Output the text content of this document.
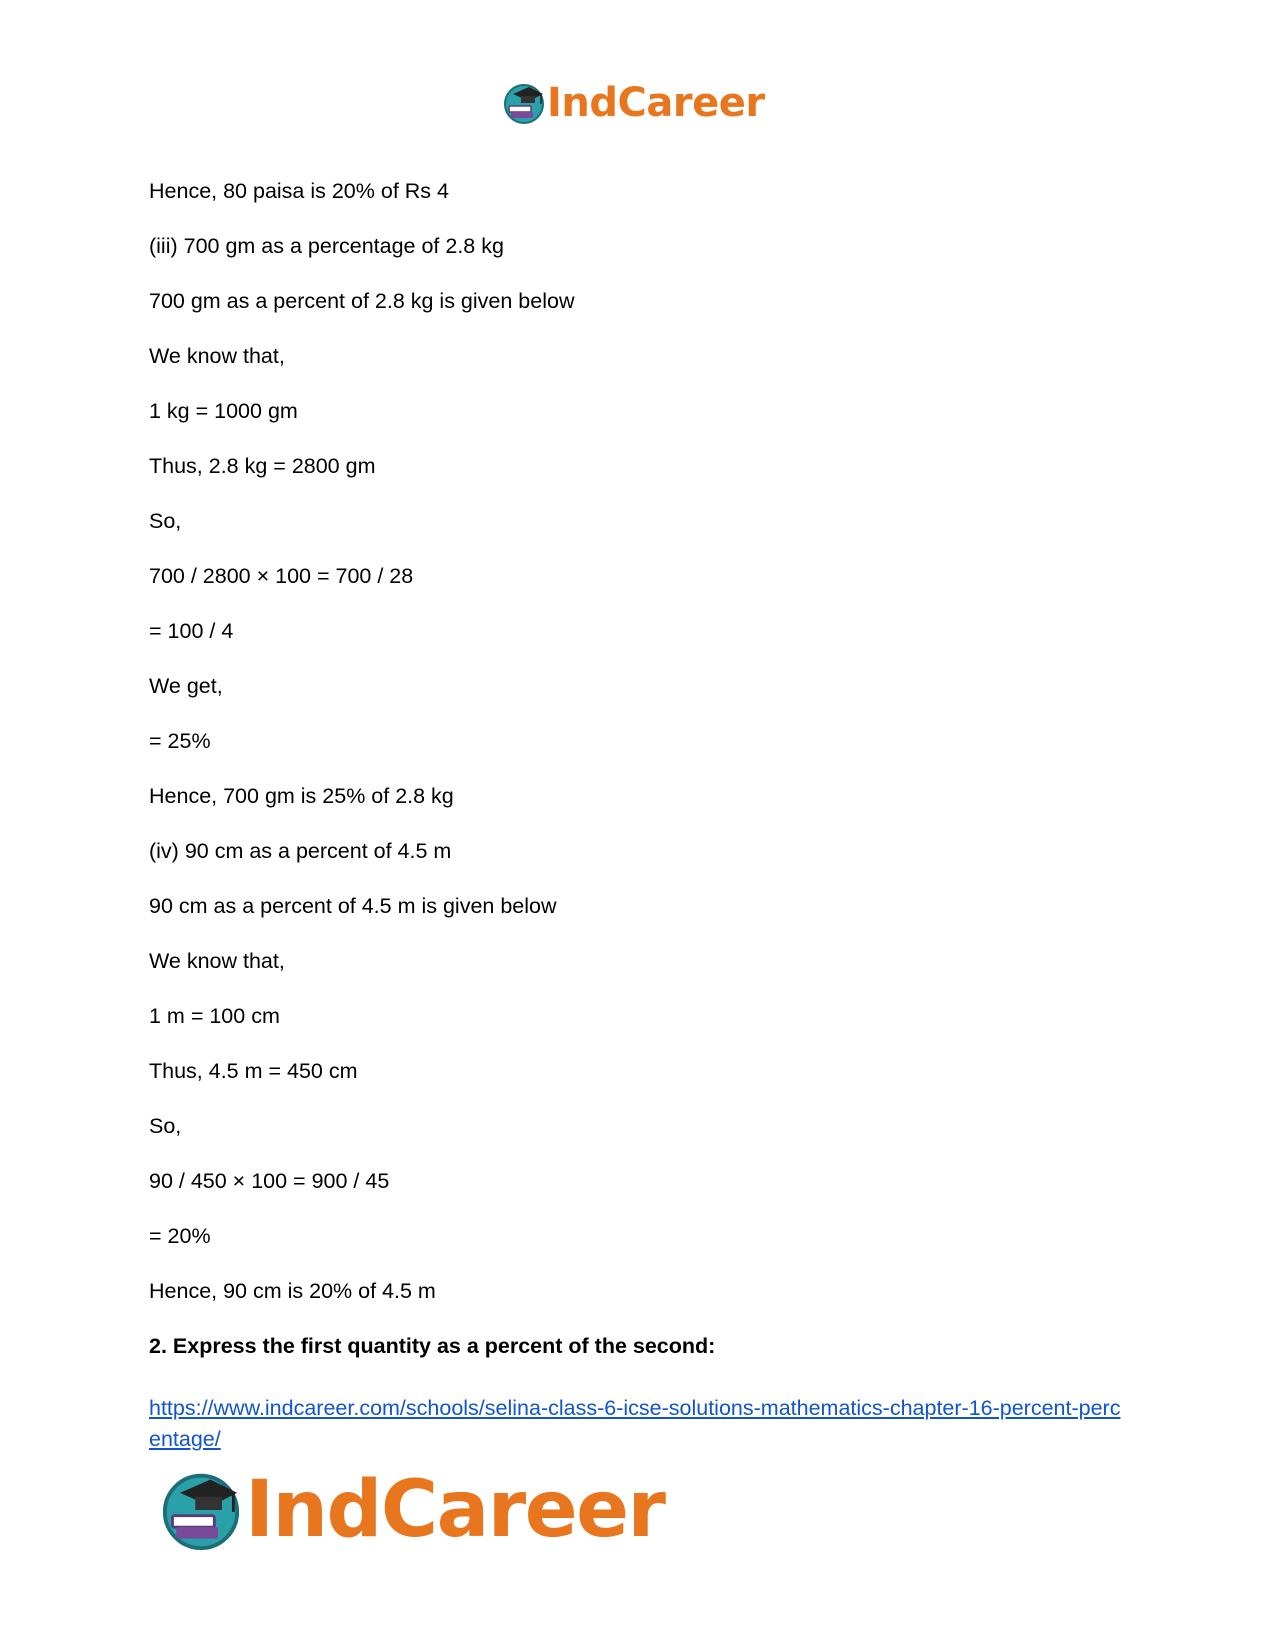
IndCareer
Hence, 80 paisa is 20% of Rs 4
(iii) 700 gm as a percentage of 2.8 kg
700 gm as a percent of 2.8 kg is given below
We know that,
1 kg = 1000 gm
Thus, 2.8 kg = 2800 gm
So,
700 / 2800 × 100 = 700 / 28
= 100 / 4
We get,
= 25%
Hence, 700 gm is 25% of 2.8 kg
(iv) 90 cm as a percent of 4.5 m
90 cm as a percent of 4.5 m is given below
We know that,
1 m = 100 cm
Thus, 4.5 m = 450 cm
So,
90 / 450 × 100 = 900 / 45
= 20%
Hence, 90 cm is 20% of 4.5 m
2. Express the first quantity as a percent of the second:
https://www.indcareer.com/schools/selina-class-6-icse-solutions-mathematics-chapter-16-percent-percentage/
IndCareer
